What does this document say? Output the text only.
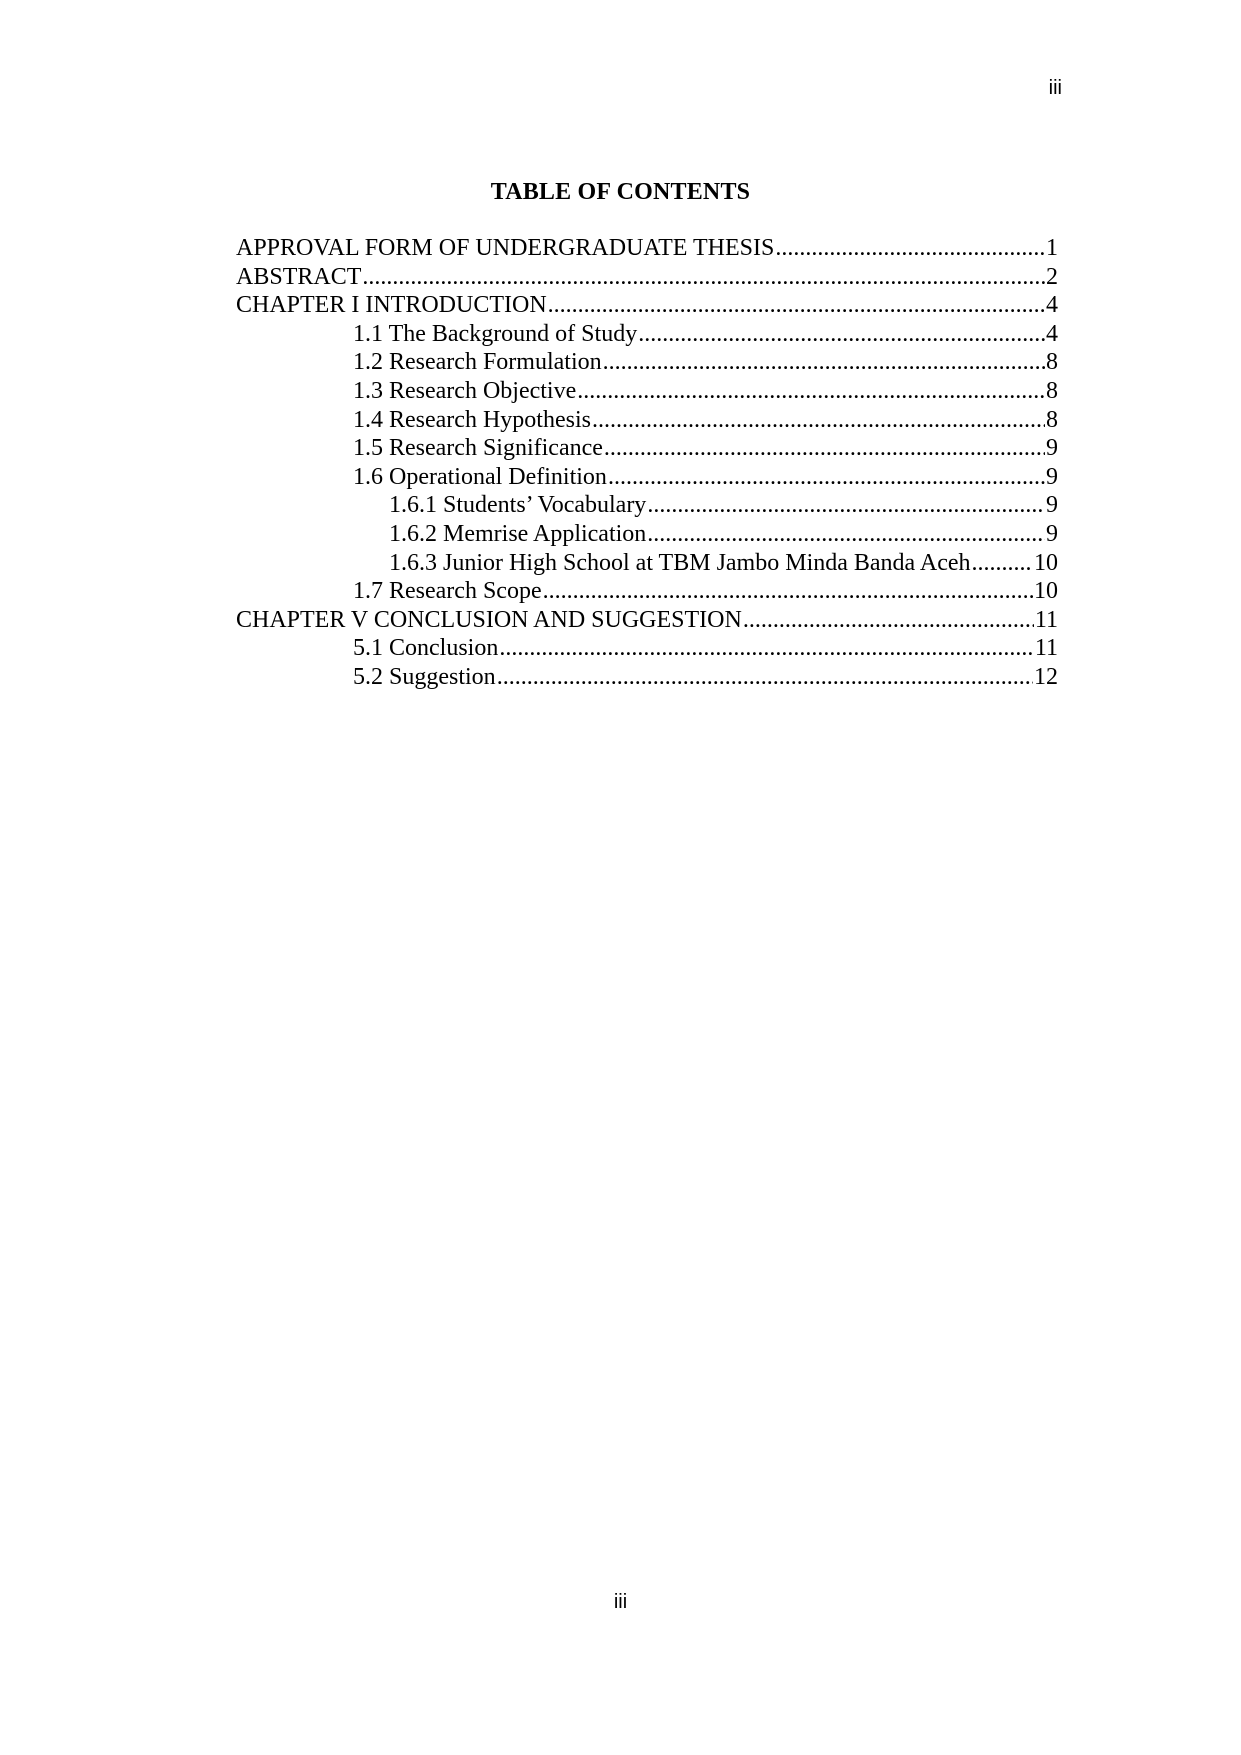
iii
TABLE OF CONTENTS
APPROVAL FORM OF UNDERGRADUATE THESIS .....	1
ABSTRACT .....	2
CHAPTER I INTRODUCTION .....	4
1.1 The Background of Study .....	4
1.2 Research Formulation .....	8
1.3 Research Objective .....	8
1.4 Research Hypothesis .....	8
1.5 Research Significance .....	9
1.6 Operational Definition .....	9
1.6.1 Students’ Vocabulary .....	9
1.6.2 Memrise Application .....	9
1.6.3 Junior High School at TBM Jambo Minda Banda Aceh .....	10
1.7 Research Scope .....	10
CHAPTER V CONCLUSION AND SUGGESTION .....	11
5.1 Conclusion .....	11
5.2 Suggestion .....	12
iii
